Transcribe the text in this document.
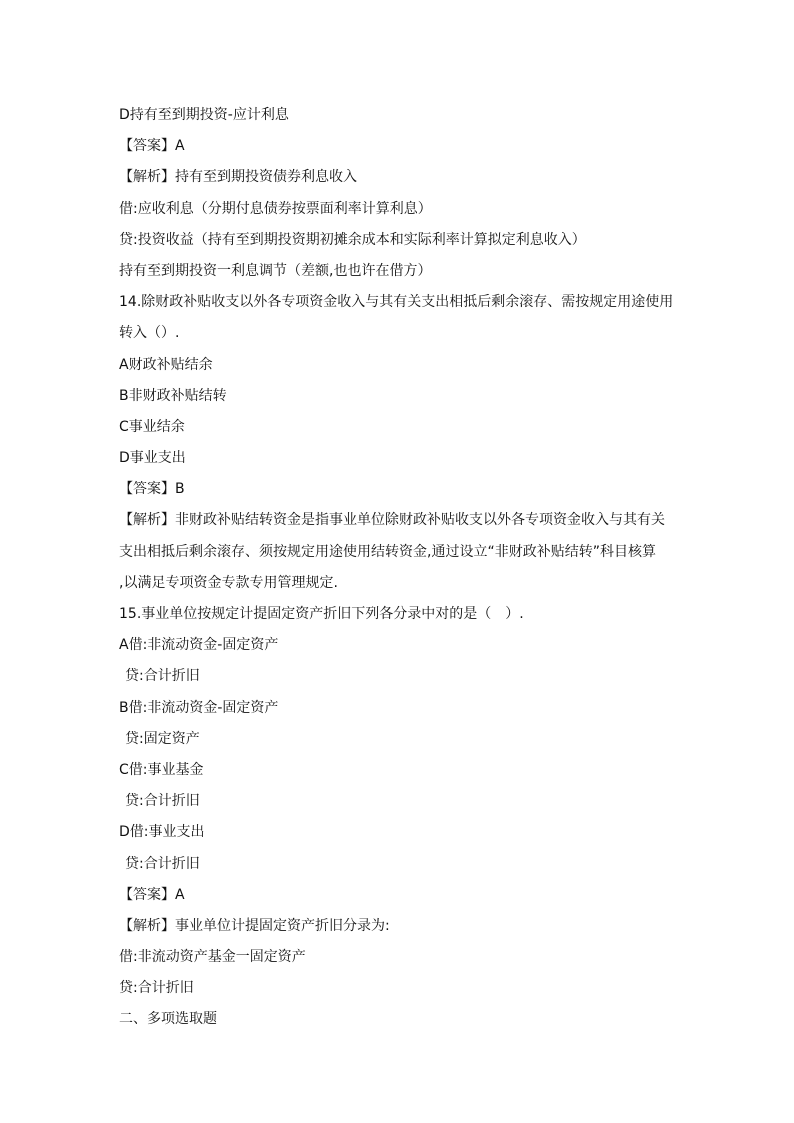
D持有至到期投资-应计利息
【答案】A
【解析】持有至到期投资债券利息收入
借:应收利息（分期付息债券按票面利率计算利息）
贷:投资收益（持有至到期投资期初摊余成本和实际利率计算拟定利息收入）
持有至到期投资一利息调节（差额,也也许在借方）
14.除财政补贴收支以外各专项资金收入与其有关支出相抵后剩余滚存、需按规定用途使用
转入（）.
A财政补贴结余
B非财政补贴结转
C事业结余
D事业支出
【答案】B
【解析】非财政补贴结转资金是指事业单位除财政补贴收支以外各专项资金收入与其有关
支出相抵后剩余滚存、须按规定用途使用结转资金,通过设立“非财政补贴结转”科目核算
,以满足专项资金专款专用管理规定.
15.事业单位按规定计提固定资产折旧下列各分录中对的是（　）.
A借:非流动资金-固定资产
贷:合计折旧
B借:非流动资金-固定资产
贷:固定资产
C借:事业基金
贷:合计折旧
D借:事业支出
贷:合计折旧
【答案】A
【解析】事业单位计提固定资产折旧分录为:
借:非流动资产基金一固定资产
贷:合计折旧
二、多项选取题
